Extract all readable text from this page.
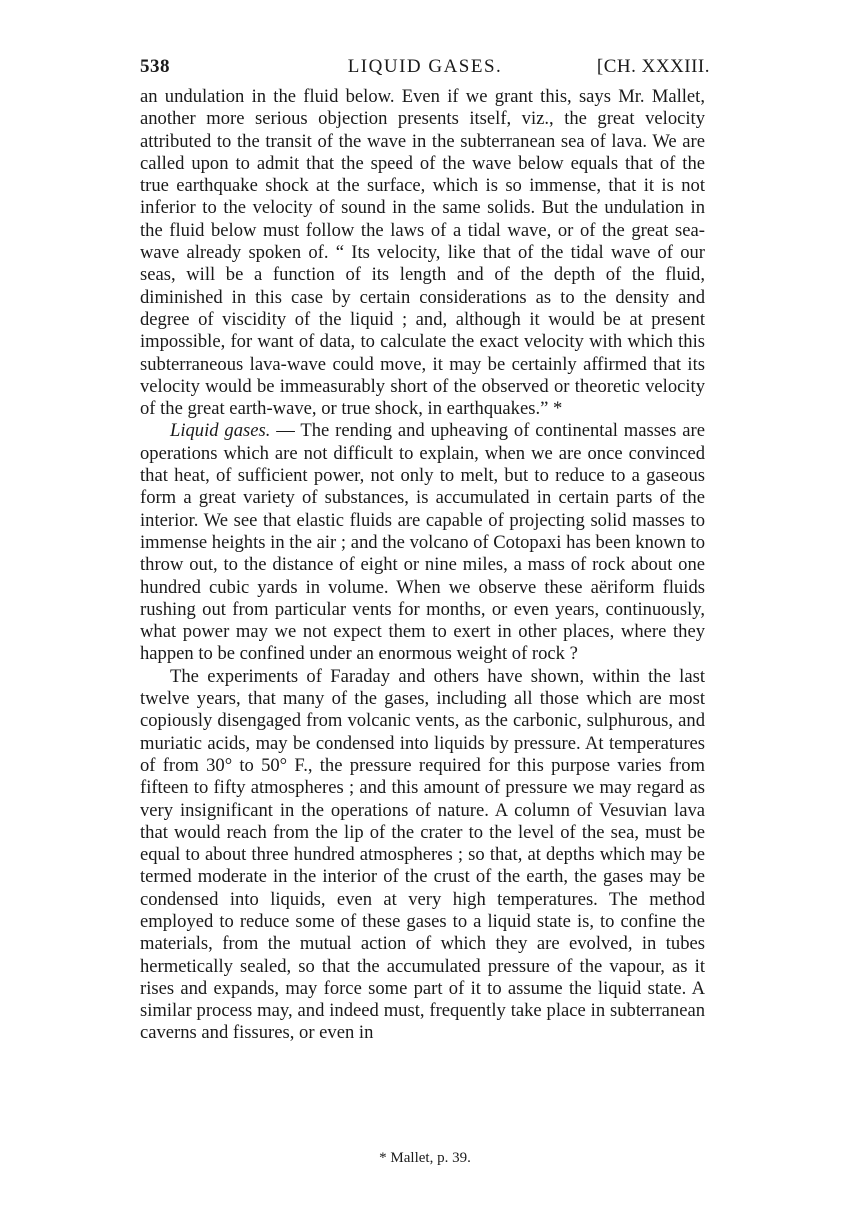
538	LIQUID GASES.	[CH. XXXIII.

an undulation in the fluid below. Even if we grant this, says Mr. Mallet, another more serious objection presents itself, viz., the great velocity attributed to the transit of the wave in the subterranean sea of lava. We are called upon to admit that the speed of the wave below equals that of the true earthquake shock at the surface, which is so immense, that it is not inferior to the velocity of sound in the same solids. But the undulation in the fluid below must follow the laws of a tidal wave, or of the great sea-wave already spoken of. “ Its velocity, like that of the tidal wave of our seas, will be a function of its length and of the depth of the fluid, diminished in this case by certain considerations as to the density and degree of viscidity of the liquid ; and, although it would be at present impossible, for want of data, to calculate the exact velocity with which this subterraneous lava-wave could move, it may be certainly affirmed that its velocity would be immeasurably short of the observed or theoretic velocity of the great earth-wave, or true shock, in earthquakes.” *

Liquid gases. — The rending and upheaving of continental masses are operations which are not difficult to explain, when we are once convinced that heat, of sufficient power, not only to melt, but to reduce to a gaseous form a great variety of substances, is accumulated in certain parts of the interior. We see that elastic fluids are capable of projecting solid masses to immense heights in the air ; and the volcano of Cotopaxi has been known to throw out, to the distance of eight or nine miles, a mass of rock about one hundred cubic yards in volume. When we observe these aëriform fluids rushing out from particular vents for months, or even years, continuously, what power may we not expect them to exert in other places, where they happen to be confined under an enormous weight of rock ?

The experiments of Faraday and others have shown, within the last twelve years, that many of the gases, including all those which are most copiously disengaged from volcanic vents, as the carbonic, sulphurous, and muriatic acids, may be condensed into liquids by pressure. At temperatures of from 30° to 50° F., the pressure required for this purpose varies from fifteen to fifty atmospheres ; and this amount of pressure we may regard as very insignificant in the operations of nature. A column of Vesuvian lava that would reach from the lip of the crater to the level of the sea, must be equal to about three hundred atmospheres ; so that, at depths which may be termed moderate in the interior of the crust of the earth, the gases may be condensed into liquids, even at very high temperatures. The method employed to reduce some of these gases to a liquid state is, to confine the materials, from the mutual action of which they are evolved, in tubes hermetically sealed, so that the accumulated pressure of the vapour, as it rises and expands, may force some part of it to assume the liquid state. A similar process may, and indeed must, frequently take place in subterranean caverns and fissures, or even in

* Mallet, p. 39.
